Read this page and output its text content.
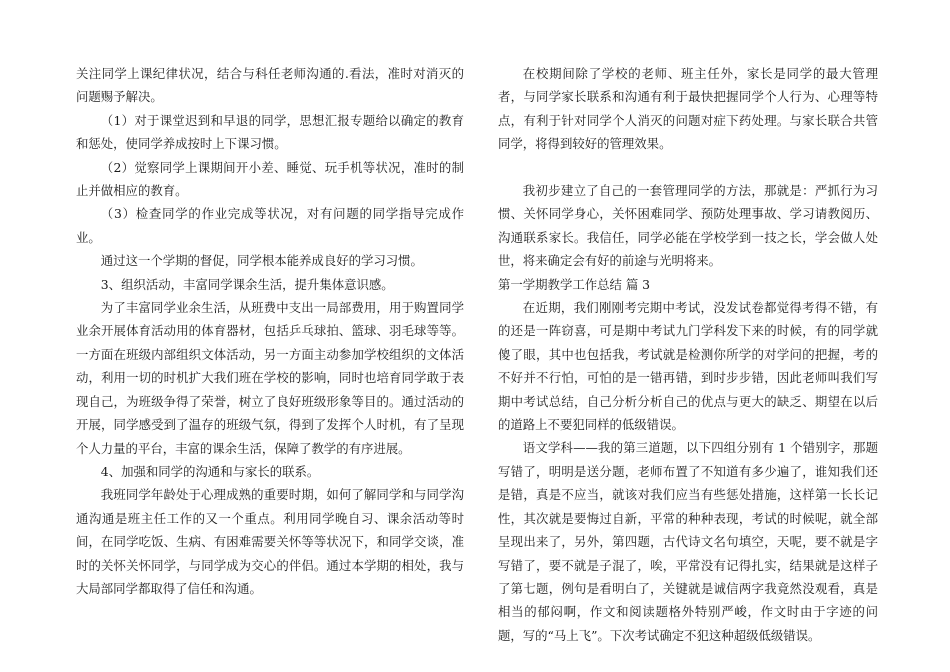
关注同学上课纪律状况，结合与科任老师沟通的.看法，准时对消灭的问题赐予解决。

（1）对于课堂迟到和早退的同学，思想汇报专题给以确定的教育和惩处，使同学养成按时上下课习惯。

（2）觉察同学上课期间开小差、睡觉、玩手机等状况，准时的制止并做相应的教育。

（3）检查同学的作业完成等状况，对有问题的同学指导完成作业。

通过这一个学期的督促，同学根本能养成良好的学习习惯。

3、组织活动，丰富同学课余生活，提升集体意识感。

为了丰富同学业余生活，从班费中支出一局部费用，用于购置同学业余开展体育活动用的体育器材，包括乒乓球拍、篮球、羽毛球等等。一方面在班级内部组织文体活动，另一方面主动参加学校组织的文体活动，利用一切的时机扩大我们班在学校的影响，同时也培育同学敢于表现自己，为班级争得了荣誉，树立了良好班级形象等目的。通过活动的开展，同学感受到了温存的班级气氛，得到了发挥个人时机，有了呈现个人力量的平台，丰富的课余生活，保障了教学的有序进展。

4、加强和同学的沟通和与家长的联系。

我班同学年龄处于心理成熟的重要时期，如何了解同学和与同学沟通沟通是班主任工作的又一个重点。利用同学晚自习、课余活动等时间，在同学吃饭、生病、有困难需要关怀等等状况下，和同学交谈，准时的关怀关怀同学，与同学成为交心的伴侣。通过本学期的相处，我与大局部同学都取得了信任和沟通。

在校期间除了学校的老师、班主任外，家长是同学的最大管理者，与同学家长联系和沟通有利于最快把握同学个人行为、心理等特点，有利于针对同学个人消灭的问题对症下药处理。与家长联合共管同学，将得到较好的管理效果。

我初步建立了自己的一套管理同学的方法，那就是：严抓行为习惯、关怀同学身心，关怀困难同学、预防处理事故、学习请教阅历、沟通联系家长。我信任，同学必能在学校学到一技之长，学会做人处世，将来确定会有好的前途与光明将来。

第一学期教学工作总结 篇 3

在近期，我们刚刚考完期中考试，没发试卷都觉得考得不错，有的还是一阵窃喜，可是期中考试九门学科发下来的时候，有的同学就傻了眼，其中也包括我，考试就是检测你所学的对学问的把握，考的不好并不行怕，可怕的是一错再错，到时步步错，因此老师叫我们写期中考试总结，自己分析分析自己的优点与更大的缺乏、期望在以后的道路上不要犯同样的低级错误。

语文学科——我的第三道题，以下四组分别有 1 个错别字，那题写错了，明明是送分题，老师布置了不知道有多少遍了，谁知我们还是错，真是不应当，就该对我们应当有些惩处措施，这样第一长长记性，其次就是要悔过自新，平常的种种表现，考试的时候呢，就全部呈现出来了，另外，第四题，古代诗文名句填空，天呢，要不就是字写错了，要不就是子混了，唉，平常没有记得扎实，结果就是这样子了第七题，例句是看明白了，关键就是诚信两字我竟然没观看，真是相当的郁闷啊，作文和阅读题格外特别严峻，作文时由于字迹的问题，写的“马上飞”。下次考试确定不犯这种超级低级错误。
